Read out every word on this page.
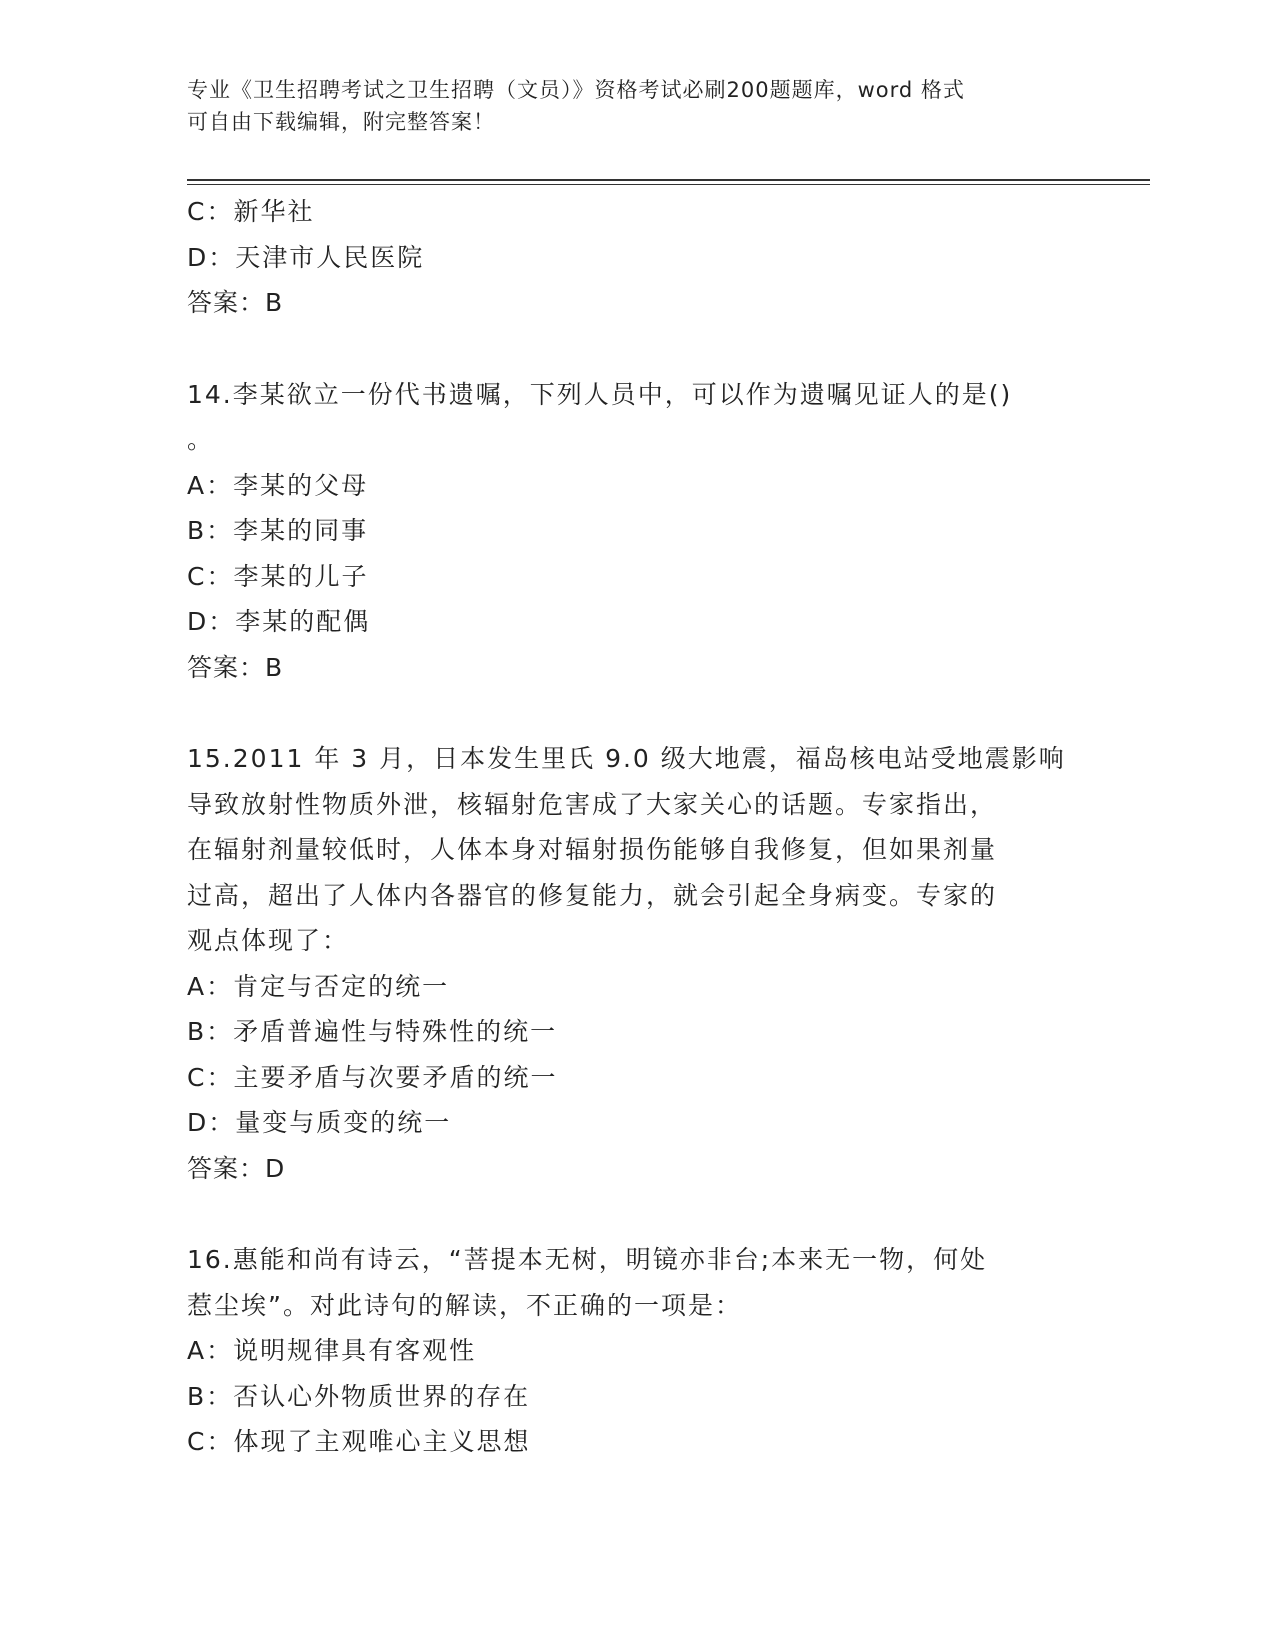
专业《卫生招聘考试之卫生招聘（文员）》资格考试必刷200题题库，word 格式
可自由下载编辑，附完整答案！
C：新华社
D：天津市人民医院
答案：B
14.李某欲立一份代书遗嘱，下列人员中，可以作为遗嘱见证人的是()
。
A：李某的父母
B：李某的同事
C：李某的儿子
D：李某的配偶
答案：B
15.2011 年 3 月，日本发生里氏 9.0 级大地震，福岛核电站受地震影响
导致放射性物质外泄，核辐射危害成了大家关心的话题。专家指出，
在辐射剂量较低时，人体本身对辐射损伤能够自我修复，但如果剂量
过高，超出了人体内各器官的修复能力，就会引起全身病变。专家的
观点体现了：
A：肯定与否定的统一
B：矛盾普遍性与特殊性的统一
C：主要矛盾与次要矛盾的统一
D：量变与质变的统一
答案：D
16.惠能和尚有诗云，“菩提本无树，明镜亦非台;本来无一物，何处
惹尘埃”。对此诗句的解读，不正确的一项是：
A：说明规律具有客观性
B：否认心外物质世界的存在
C：体现了主观唯心主义思想
